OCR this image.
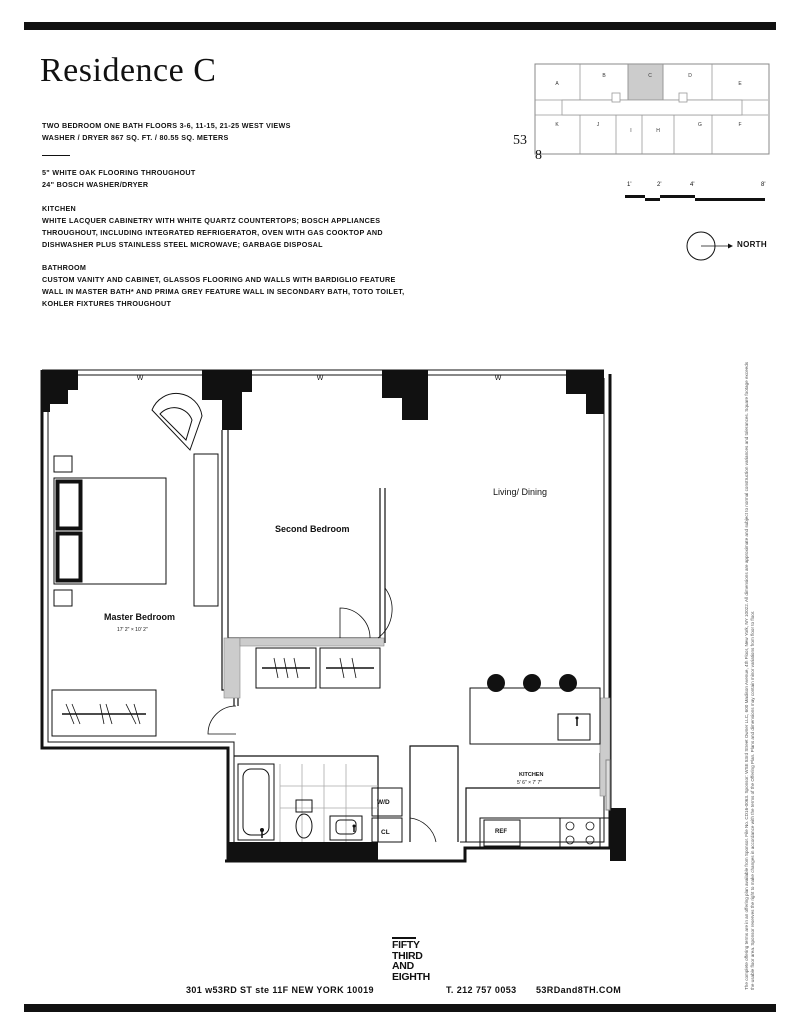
Residence C

TWO BEDROOM ONE BATH FLOORS 3-6, 11-15, 21-25 WEST VIEWS

WASHER / DRYER 867 SQ. FT. / 80.55 SQ. METERS

5" WHITE OAK FLOORING THROUGHOUT

24" BOSCH WASHER/DRYER

KITCHEN

WHITE LACQUER CABINETRY WITH WHITE QUARTZ COUNTERTOPS; BOSCH APPLIANCES

THROUGHOUT, INCLUDING INTEGRATED REFRIGERATOR, OVEN WITH GAS COOKTOP AND

DISHWASHER PLUS STAINLESS STEEL MICROWAVE; GARBAGE DISPOSAL

BATHROOM

CUSTOM VANITY AND CABINET, GLASSOS FLOORING AND WALLS WITH BARDIGLIO FEATURE

WALL IN MASTER BATH* AND PRIMA GREY FEATURE WALL IN SECONDARY BATH, TOTO TOILET,

KOHLER FIXTURES THROUGHOUT

A
B	C	D
E
K	J
I	H
G	F
53
8
1'	2'	4'	8'
NORTH
W	W	W
Master Bedroom
17' 2" × 10' 2"
Second Bedroom
Living/ Dining
KITCHEN
5' 6" × 7' 7"
W/D
CL	REF	The complete offering terms are in an offering plan available from Sponsor. File No. CD16-0063. Sponsor: WSE 53rd Street Owner LLC, 600 Madison Avenue, 4th Floor, New York, NY 10022. All dimensions are approximate and subject to normal construction variances and tolerances. Square footage exceeds the usable floor area. Sponsor reserves the right to make changes in accordance with the terms of the Offering Plan. Plans and dimensions may contain minor variations from floor to floor.
FIFTY
THIRD
AND
EIGHTH
301 w53RD ST ste 11F NEW YORK 10019	T. 212 757 0053 53RDand8TH.COM
